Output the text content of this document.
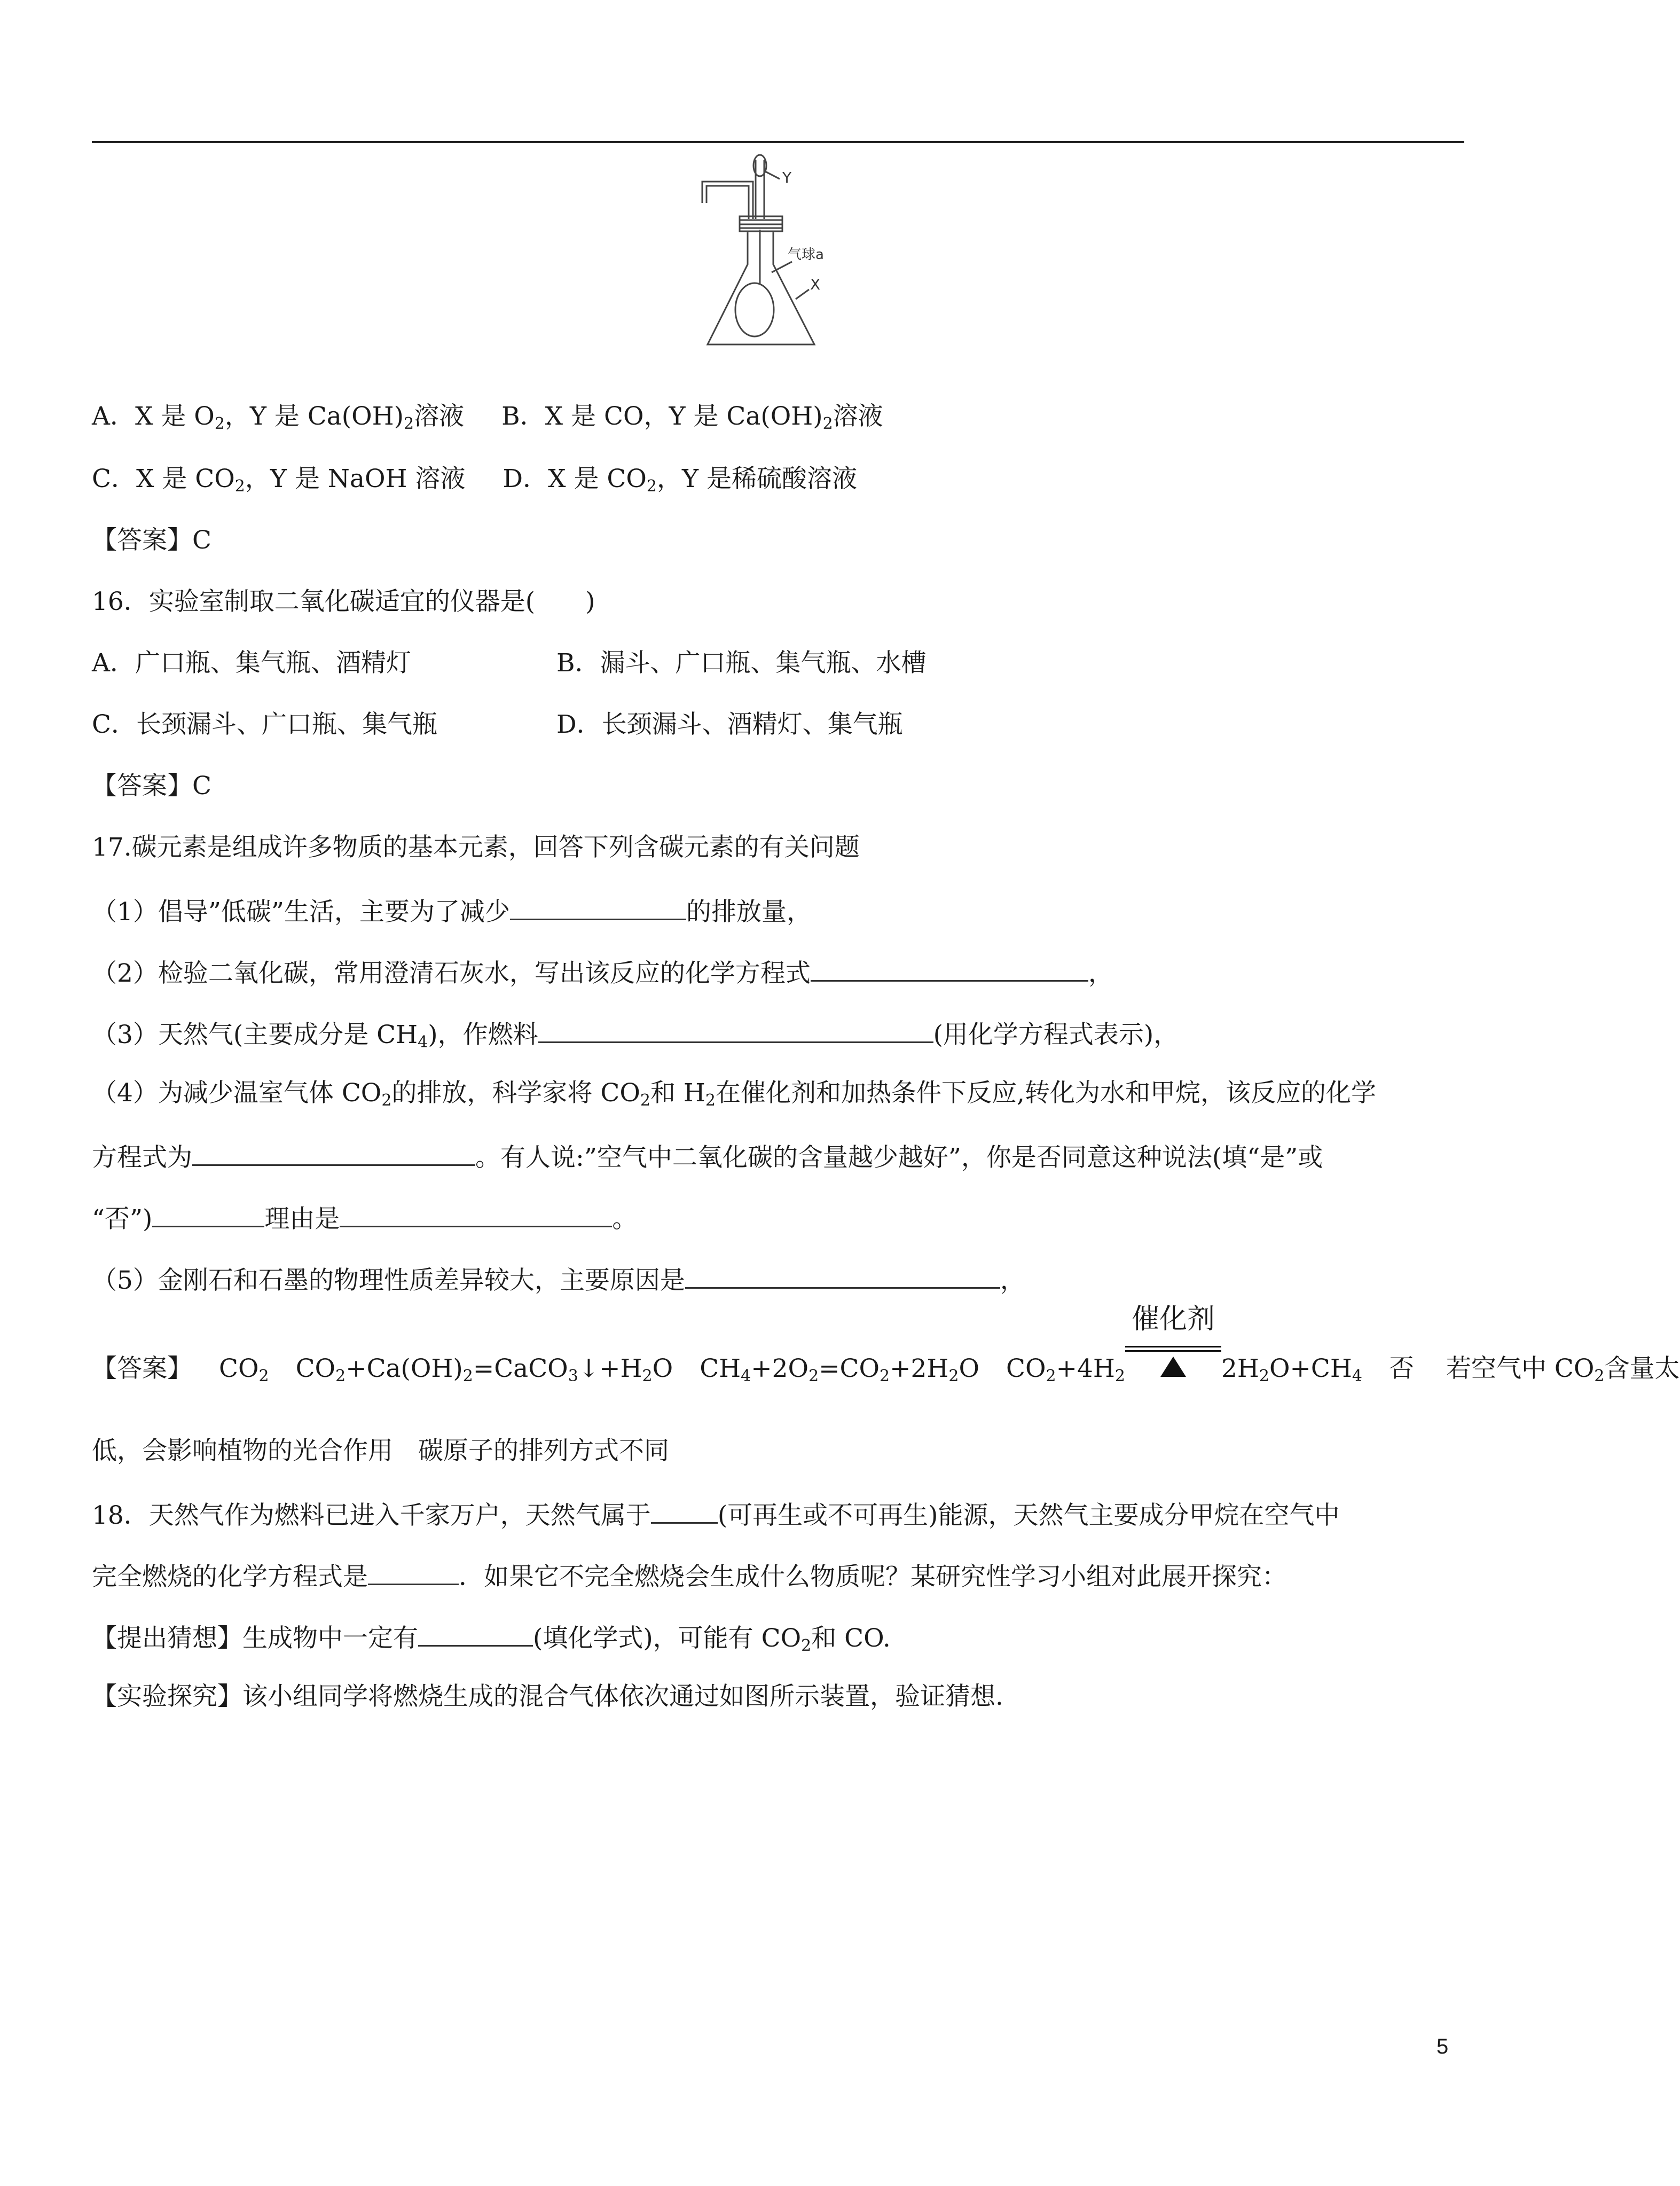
Y
气球a
X
A．X 是 $O_2$，Y 是 $Ca(OH)_2$溶液 B．X 是 CO，Y 是 $Ca(OH)_2$溶液
C．X 是 $CO_2$，Y 是 NaOH 溶液 D．X 是 $CO_2$，Y 是稀硫酸溶液
【答案】C
16．实验室制取二氧化碳适宜的仪器是(　　)
A．广口瓶、集气瓶、酒精灯	B．漏斗、广口瓶、集气瓶、水槽
C．长颈漏斗、广口瓶、集气瓶	D．长颈漏斗、酒精灯、集气瓶
【答案】C
17.碳元素是组成许多物质的基本元素，回答下列含碳元素的有关问题
（1）倡导”低碳”生活，主要为了减少	的排放量，
（2）检验二氧化碳，常用澄清石灰水，写出该反应的化学方程式	，
（3）天然气(主要成分是 $CH_4$)，作燃料	(用化学方程式表示)，
（4）为减少温室气体 $CO_2$的排放，科学家将 $CO_2$和 $H_2$在催化剂和加热条件下反应,转化为水和甲烷，该反应的化学
方程式为	。有人说:”空气中二氧化碳的含量越少越好”，你是否同意这种说法(填“是”或
“否”)	理由是	。
（5）金刚石和石墨的物理性质差异较大，主要原因是	，
【答案】 $CO_2$ $CO_2+Ca(OH)_2=CaCO_3↓+H_2O$ $CH_4+2O_2=CO_2+2H_2O$ $CO_2+4H_2$
催化剂
$2H_2O+CH_4$ 否 若空气中 $CO_2$含量太
低，会影响植物的光合作用　碳原子的排列方式不同
18．天然气作为燃料已进入千家万户，天然气属于	(可再生或不可再生)能源，天然气主要成分甲烷在空气中
完全燃烧的化学方程式是	．如果它不完全燃烧会生成什么物质呢？某研究性学习小组对此展开探究：
【提出猜想】生成物中一定有	(填化学式)，可能有 $CO_2$和 CO.
【实验探究】该小组同学将燃烧生成的混合气体依次通过如图所示装置，验证猜想.
5
